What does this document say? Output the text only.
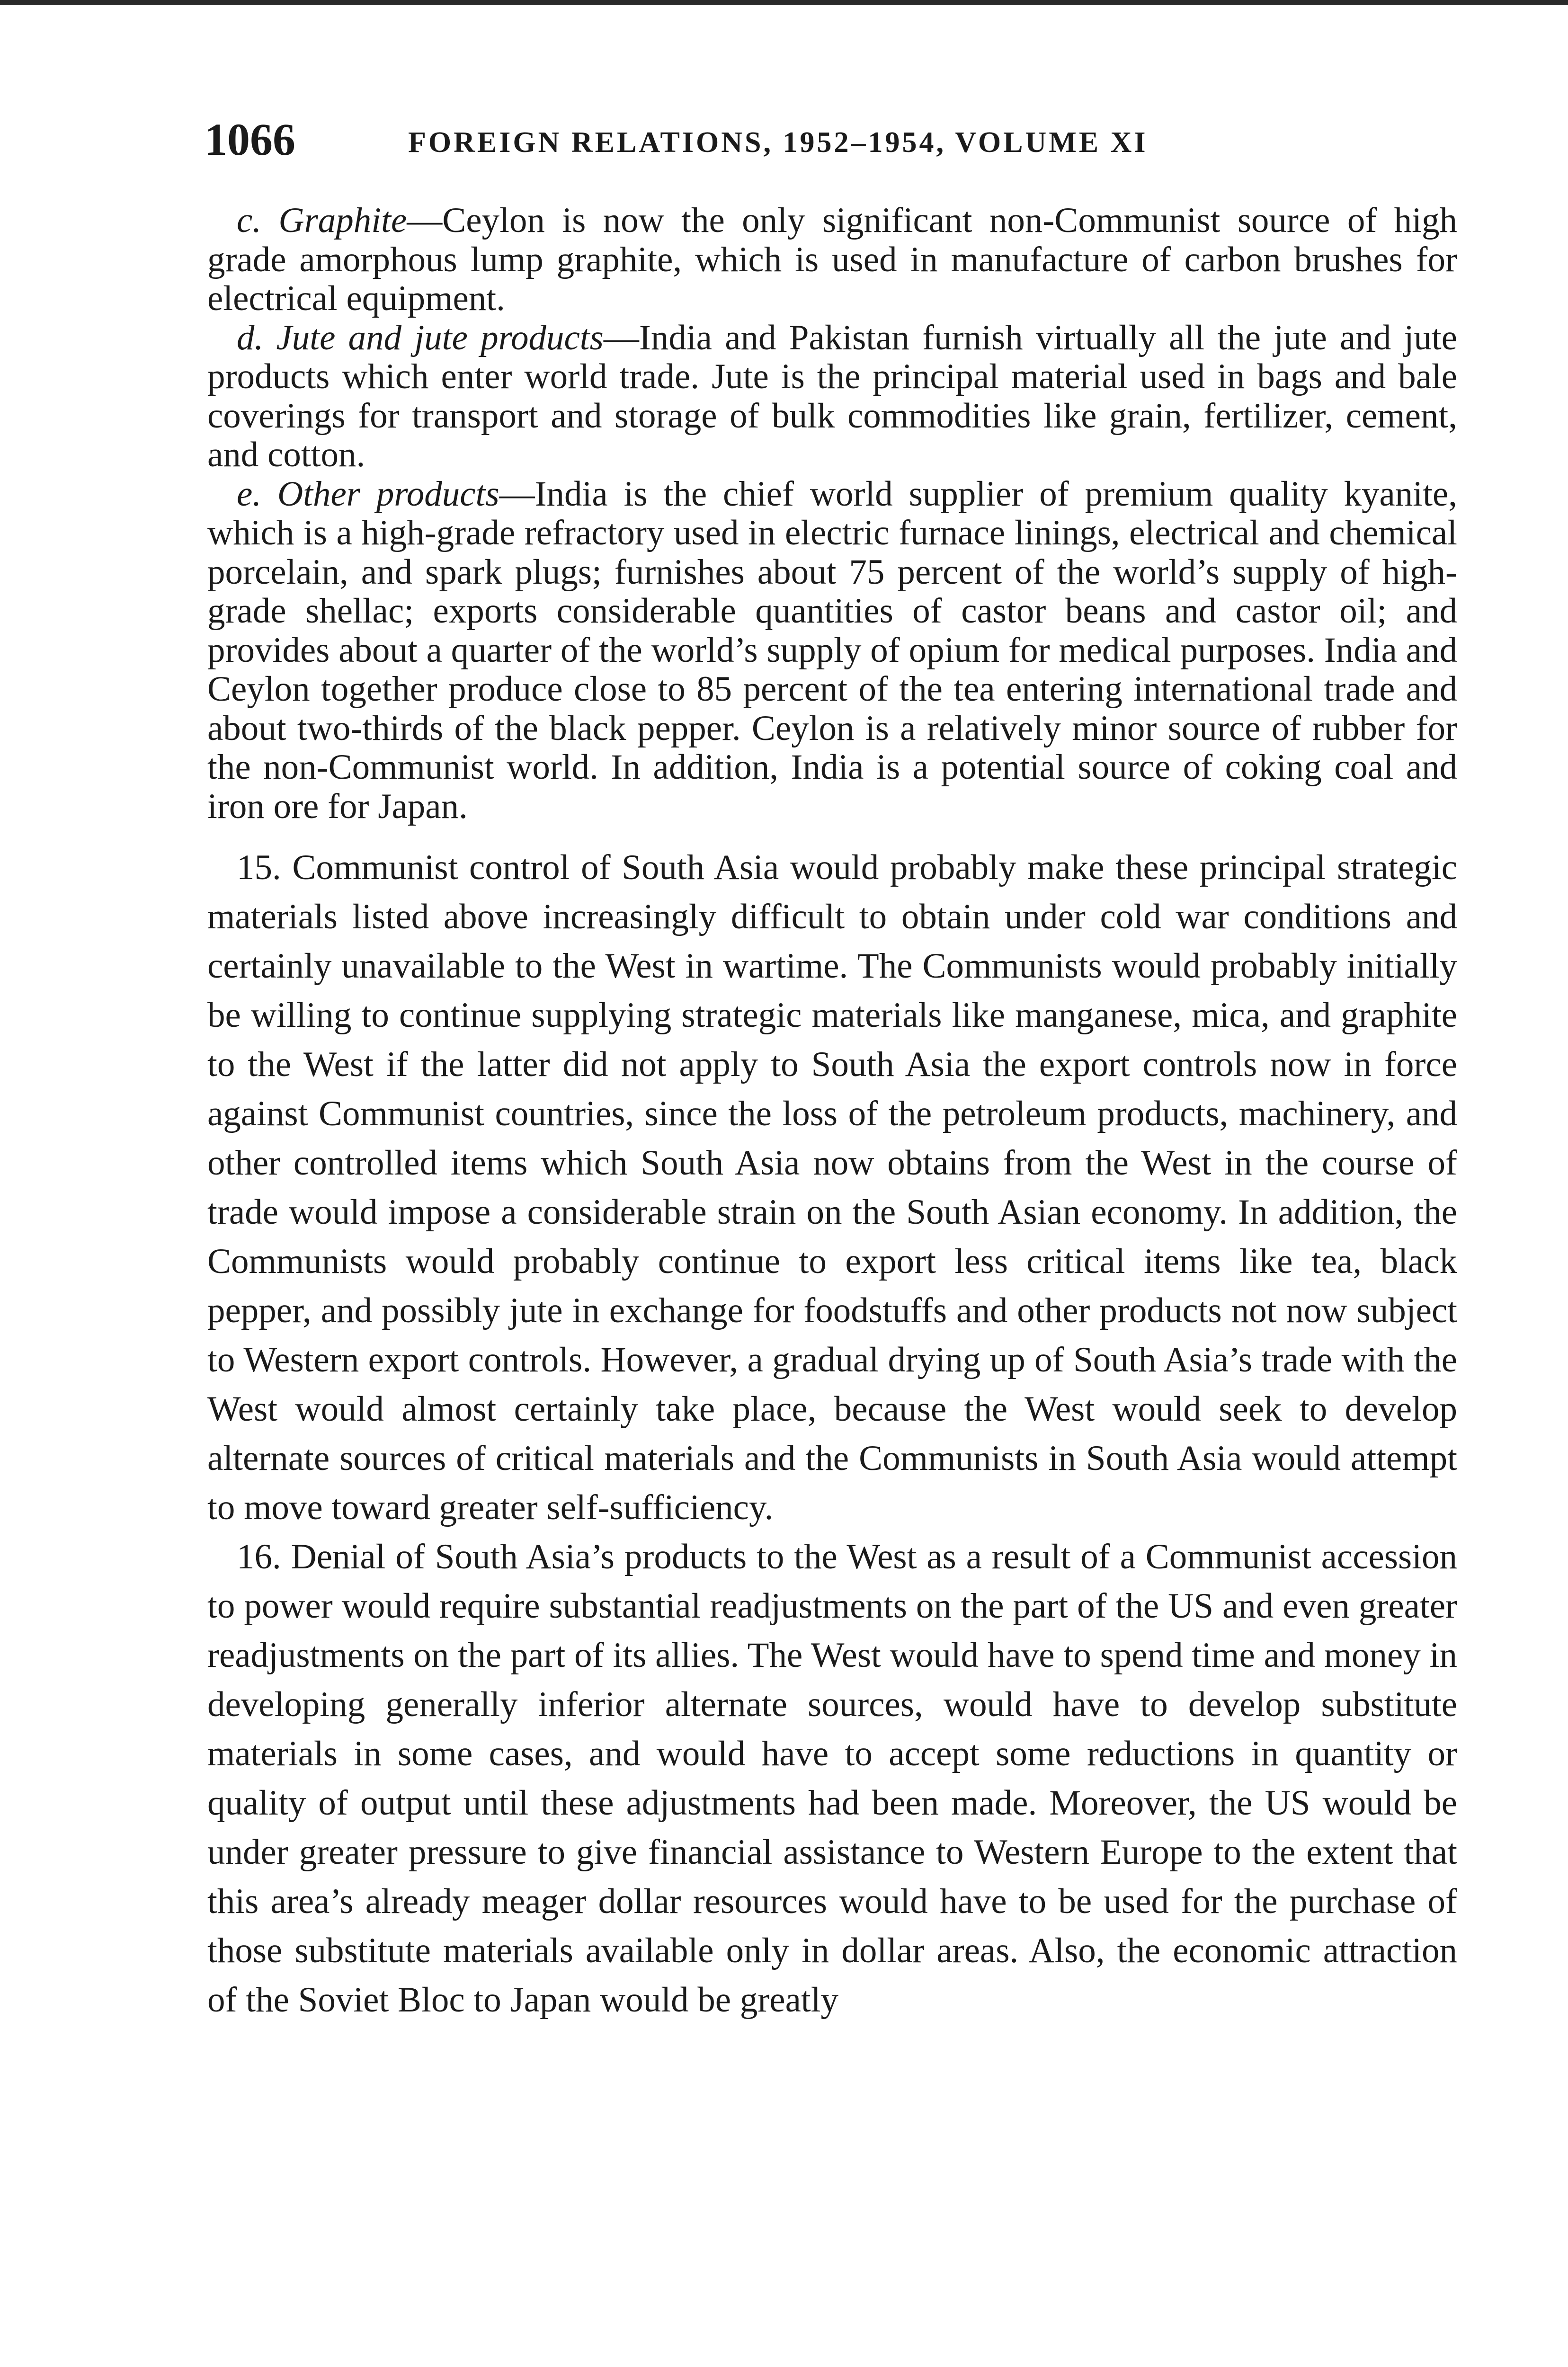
1066	FOREIGN RELATIONS, 1952–1954, VOLUME XI

c. Graphite—Ceylon is now the only significant non-Communist source of high grade amorphous lump graphite, which is used in manufacture of carbon brushes for electrical equipment.

d. Jute and jute products—India and Pakistan furnish virtually all the jute and jute products which enter world trade. Jute is the principal material used in bags and bale coverings for transport and storage of bulk commodities like grain, fertilizer, cement, and cotton.

e. Other products—India is the chief world supplier of premium quality kyanite, which is a high-grade refractory used in electric furnace linings, electrical and chemical porcelain, and spark plugs; furnishes about 75 percent of the world’s supply of high-grade shellac; exports considerable quantities of castor beans and castor oil; and provides about a quarter of the world’s supply of opium for medical purposes. India and Ceylon together produce close to 85 percent of the tea entering international trade and about two-thirds of the black pepper. Ceylon is a relatively minor source of rubber for the non-Communist world. In addition, India is a potential source of coking coal and iron ore for Japan.

15. Communist control of South Asia would probably make these principal strategic materials listed above increasingly difficult to obtain under cold war conditions and certainly unavailable to the West in wartime. The Communists would probably initially be willing to continue supplying strategic materials like manganese, mica, and graphite to the West if the latter did not apply to South Asia the export controls now in force against Communist countries, since the loss of the petroleum products, machinery, and other controlled items which South Asia now obtains from the West in the course of trade would impose a considerable strain on the South Asian economy. In addition, the Communists would probably continue to export less critical items like tea, black pepper, and possibly jute in exchange for foodstuffs and other products not now subject to Western export controls. However, a gradual drying up of South Asia’s trade with the West would almost certainly take place, because the West would seek to develop alternate sources of critical materials and the Communists in South Asia would attempt to move toward greater self-sufficiency.

16. Denial of South Asia’s products to the West as a result of a Communist accession to power would require substantial readjustments on the part of the US and even greater readjustments on the part of its allies. The West would have to spend time and money in developing generally inferior alternate sources, would have to develop substitute materials in some cases, and would have to accept some reductions in quantity or quality of output until these adjustments had been made. Moreover, the US would be under greater pressure to give financial assistance to Western Europe to the extent that this area’s already meager dollar resources would have to be used for the purchase of those substitute materials available only in dollar areas. Also, the economic attraction of the Soviet Bloc to Japan would be greatly
